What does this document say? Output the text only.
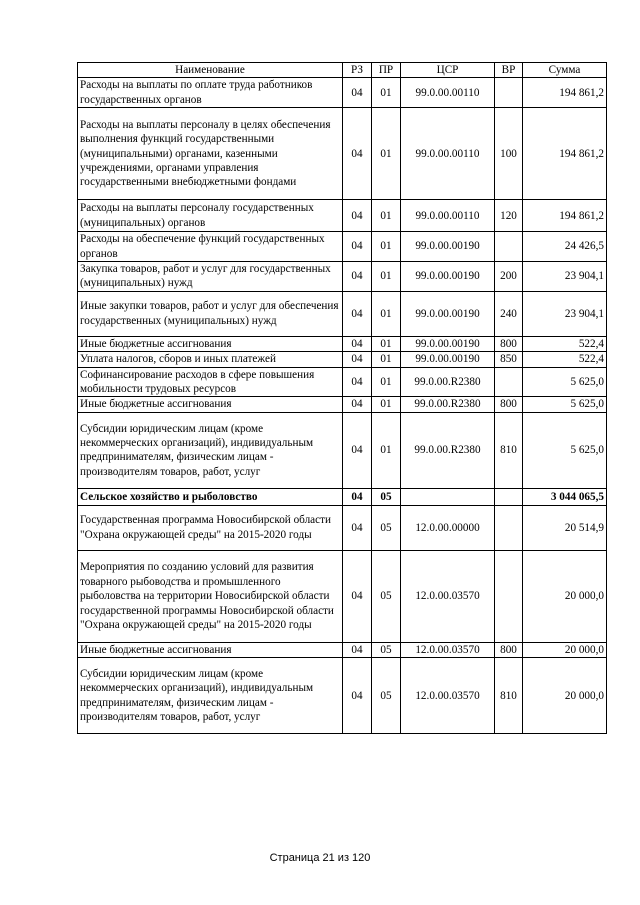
Наименование	РЗ	ПР	ЦСР	ВР	Сумма
Расходы на выплаты по оплате труда работников государственных органов	04	01	99.0.00.00110		194 861,2
Расходы на выплаты персоналу в целях обеспечения выполнения функций государственными (муниципальными) органами, казенными учреждениями, органами управления государственными внебюджетными фондами	04	01	99.0.00.00110	100	194 861,2
Расходы на выплаты персоналу государственных (муниципальных) органов	04	01	99.0.00.00110	120	194 861,2
Расходы на обеспечение функций государственных органов	04	01	99.0.00.00190		24 426,5
Закупка товаров, работ и услуг для государственных (муниципальных) нужд	04	01	99.0.00.00190	200	23 904,1
Иные закупки товаров, работ и услуг для обеспечения государственных (муниципальных) нужд	04	01	99.0.00.00190	240	23 904,1
Иные бюджетные ассигнования	04	01	99.0.00.00190	800	522,4
Уплата налогов, сборов и иных платежей	04	01	99.0.00.00190	850	522,4
Софинансирование расходов в сфере повышения мобильности трудовых ресурсов	04	01	99.0.00.R2380		5 625,0
Иные бюджетные ассигнования	04	01	99.0.00.R2380	800	5 625,0
Субсидии юридическим лицам (кроме некоммерческих организаций), индивидуальным предпринимателям, физическим лицам - производителям товаров, работ, услуг	04	01	99.0.00.R2380	810	5 625,0
Сельское хозяйство и рыболовство	04	05			3 044 065,5
Государственная программа Новосибирской области "Охрана окружающей среды" на 2015-2020 годы	04	05	12.0.00.00000		20 514,9
Мероприятия по созданию условий для развития товарного рыбоводства и промышленного рыболовства на территории Новосибирской области государственной программы Новосибирской области "Охрана окружающей среды" на 2015-2020 годы	04	05	12.0.00.03570		20 000,0
Иные бюджетные ассигнования	04	05	12.0.00.03570	800	20 000,0
Субсидии юридическим лицам (кроме некоммерческих организаций), индивидуальным предпринимателям, физическим лицам - производителям товаров, работ, услуг	04	05	12.0.00.03570	810	20 000,0
Страница 21 из 120
